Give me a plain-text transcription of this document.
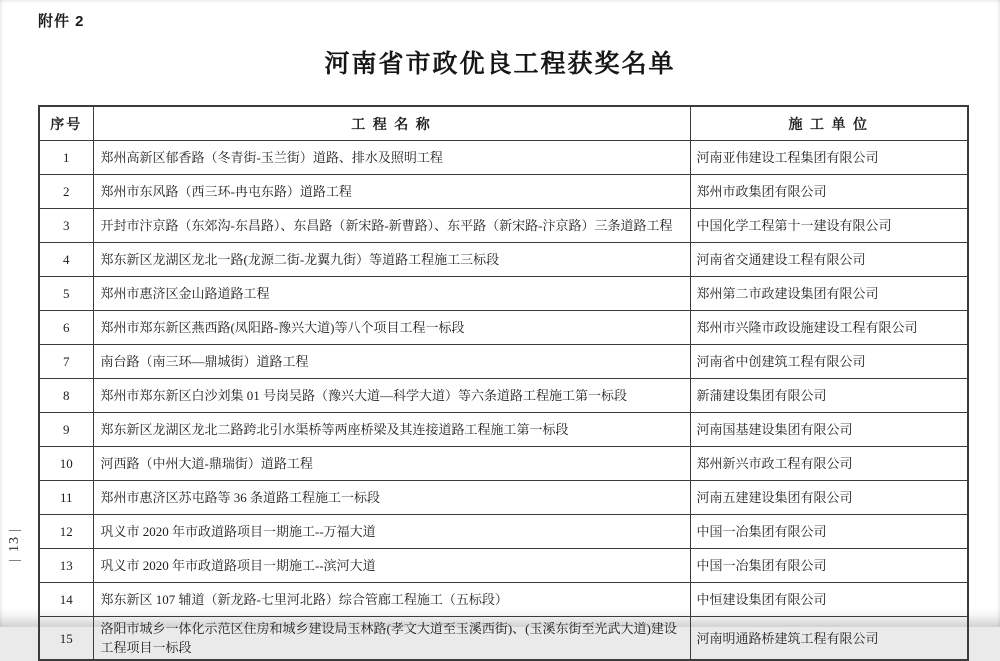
附件 2
河南省市政优良工程获奖名单
序号	工 程 名 称	施 工 单 位
1	郑州高新区郁香路（冬青街-玉兰街）道路、排水及照明工程	河南亚伟建设工程集团有限公司
2	郑州市东风路（西三环-冉屯东路）道路工程	郑州市政集团有限公司
3	开封市汴京路（东郊沟-东昌路）、东昌路（新宋路-新曹路）、东平路（新宋路-汴京路）三条道路工程	中国化学工程第十一建设有限公司
4	郑东新区龙湖区龙北一路(龙源二街-龙翼九街）等道路工程施工三标段	河南省交通建设工程有限公司
5	郑州市惠济区金山路道路工程	郑州第二市政建设集团有限公司
6	郑州市郑东新区燕西路(凤阳路-豫兴大道)等八个项目工程一标段	郑州市兴隆市政设施建设工程有限公司
7	南台路（南三环—鼎城街）道路工程	河南省中创建筑工程有限公司
8	郑州市郑东新区白沙刘集 01 号岗吴路（豫兴大道—科学大道）等六条道路工程施工第一标段	新蒲建设集团有限公司
9	郑东新区龙湖区龙北二路跨北引水渠桥等两座桥梁及其连接道路工程施工第一标段	河南国基建设集团有限公司
10	河西路（中州大道-鼎瑞街）道路工程	郑州新兴市政工程有限公司
11	郑州市惠济区苏屯路等 36 条道路工程施工一标段	河南五建建设集团有限公司
12	巩义市 2020 年市政道路项目一期施工--万福大道	中国一冶集团有限公司
13	巩义市 2020 年市政道路项目一期施工--滨河大道	中国一冶集团有限公司
14	郑东新区 107 辅道（新龙路-七里河北路）综合管廊工程施工（五标段）	中恒建设集团有限公司
15	洛阳市城乡一体化示范区住房和城乡建设局玉林路(孝文大道至玉溪西街)、(玉溪东街至光武大道)建设工程项目一标段	河南明通路桥建筑工程有限公司
—
13
—
